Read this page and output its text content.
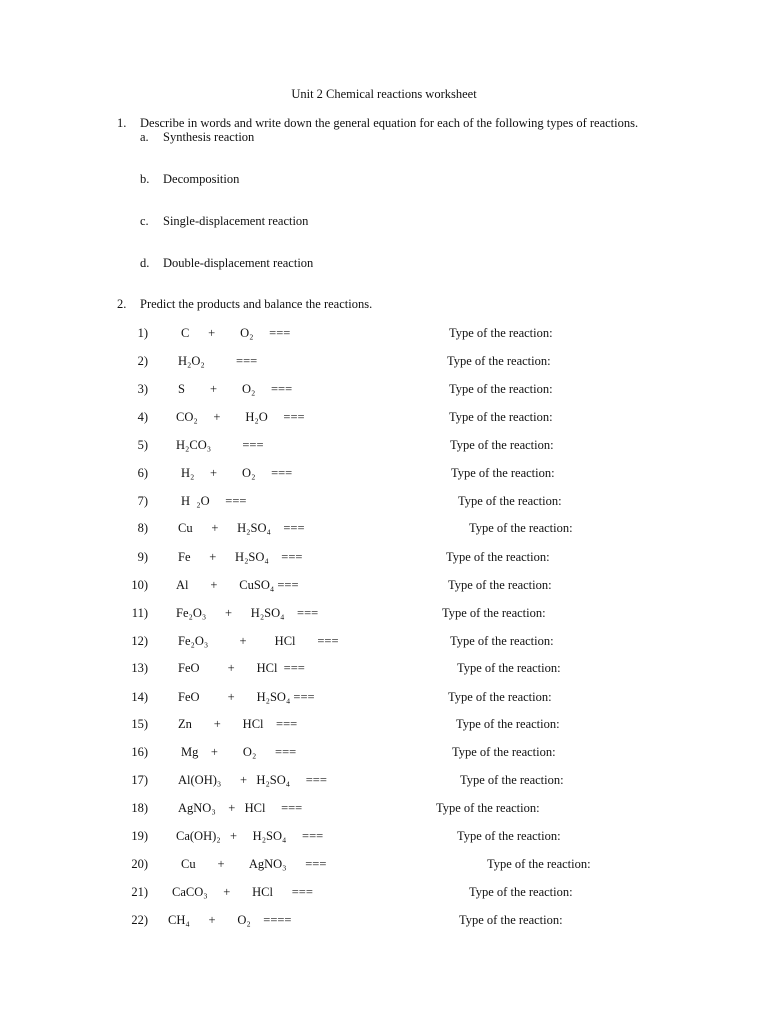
Unit 2 Chemical reactions worksheet
1. Describe in words and write down the general equation for each of the following types of reactions.
a. Synthesis reaction
b. Decomposition
c. Single-displacement reaction
d. Double-displacement reaction
2. Predict the products and balance the reactions.
1)	C      +        O₂     ===	Type of the reaction:
2) H₂O₂          ===	Type of the reaction:
3) S        +        O₂     ===	Type of the reaction:
4) CO₂     +        H₂O     ===	Type of the reaction:
5) H₂CO₃          ===	Type of the reaction:
6)	H₂     +        O₂     ===	Type of the reaction:
7)	H  ₂O     ===	Type of the reaction:
8) Cu      +      H₂SO₄    ===	Type of the reaction:
9) Fe      +      H₂SO₄    ===	Type of the reaction:
10) Al       +       CuSO₄ ===	Type of the reaction:
11) Fe₂O₃      +      H₂SO₄    ===	Type of the reaction:
12) Fe₂O₃          +         HCl       ===	Type of the reaction:
13) FeO         +       HCl  ===	Type of the reaction:
14) FeO         +       H₂SO₄ ===	Type of the reaction:
15) Zn       +       HCl    ===	Type of the reaction:
16)	Mg    +        O₂      ===	Type of the reaction:
17) Al(OH)₃      +   H₂SO₄     ===	Type of the reaction:
18) AgNO₃    +   HCl     ===	Type of the reaction:
19) Ca(OH)₂   +     H₂SO₄     ===	Type of the reaction:
20)	Cu       +        AgNO₃      ===	Type of the reaction:
21) CaCO₃     +       HCl      ===	Type of the reaction:
22) CH₄      +       O₂    ====	Type of the reaction:
